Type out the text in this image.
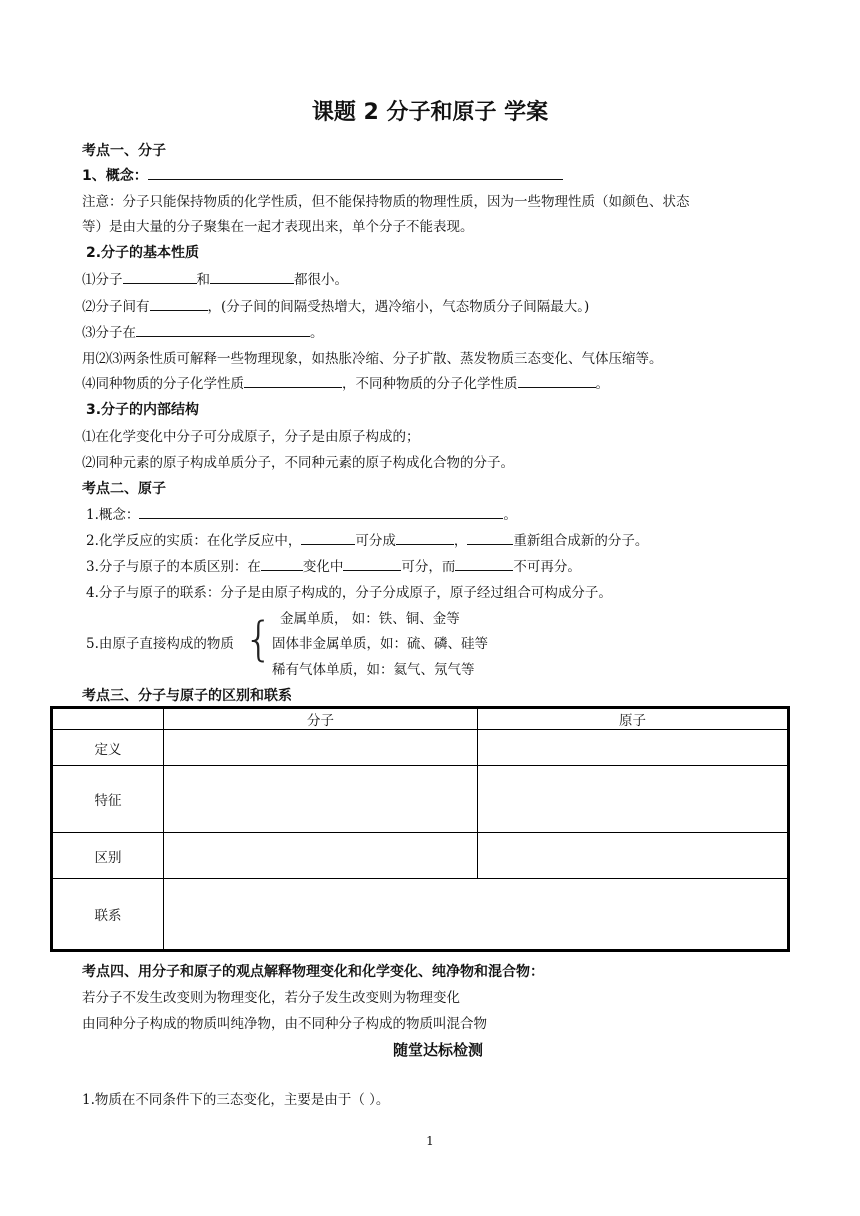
课题 2 分子和原子 学案
考点一、分子
1、概念：
注意：分子只能保持物质的化学性质，但不能保持物质的物理性质，因为一些物理性质（如颜色、状态
等）是由大量的分子聚集在一起才表现出来，单个分子不能表现。
2.分子的基本性质
⑴分子	和	都很小。
⑵分子间有	，(分子间的间隔受热增大，遇冷缩小，气态物质分子间隔最大。)
⑶分子在	。
用⑵⑶两条性质可解释一些物理现象，如热胀冷缩、分子扩散、蒸发物质三态变化、气体压缩等。
⑷同种物质的分子化学性质	，不同种物质的分子化学性质	。
3.分子的内部结构
⑴在化学变化中分子可分成原子，分子是由原子构成的；
⑵同种元素的原子构成单质分子，不同种元素的原子构成化合物的分子。
考点二、原子
1.概念：	。
2.化学反应的实质：在化学反应中，	可分成	，	重新组合成新的分子。
3.分子与原子的本质区别：在	变化中	可分，而	不可再分。
4.分子与原子的联系：分子是由原子构成的，分子分成原子，原子经过组合可构成分子。
5.由原子直接构成的物质 { 金属单质， 如：铁、铜、金等
固体非金属单质，如：硫、磷、硅等
稀有气体单质，如：氦气、氖气等
考点三、分子与原子的区别和联系
	分子	原子
定义		
特征		
区别		
联系		
考点四、用分子和原子的观点解释物理变化和化学变化、纯净物和混合物：
若分子不发生改变则为物理变化，若分子发生改变则为物理变化
由同种分子构成的物质叫纯净物，由不同种分子构成的物质叫混合物
随堂达标检测
1.物质在不同条件下的三态变化，主要是由于（ ）。
1
